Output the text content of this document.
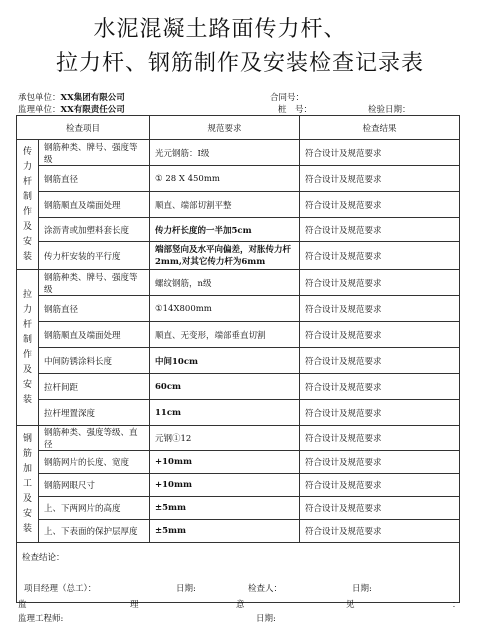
水泥混凝土路面传力杆、
拉力杆、钢筋制作及安装检查记录表
承包单位：XX集团有限公司	合同号：
监理单位：XX有限责任公司	桩　号：	检验日期：
检查项目		规范要求	检查结果
传力杆制作及安装	钢筋种类、牌号、强度等级	光元钢筋：I级	符合设计及规范要求
	钢筋直径	① 28 X 450mm	符合设计及规范要求
	钢筋顺直及端面处理	顺直、端部切割平整	符合设计及规范要求
	涂沥青或加塑料套长度	传力杆长度的一半加5cm	符合设计及规范要求
	传力杆安装的平行度	端部竖向及水平向偏差，对胀传力杆2mm,对其它传力杆为6mm	符合设计及规范要求
拉力杆制作及安装	钢筋种类、牌号、强度等级	螺纹钢筋，n级	符合设计及规范要求
	钢筋直径	①14X800mm	符合设计及规范要求
	钢筋顺直及端面处理	顺直、无变形，端部垂直切割	符合设计及规范要求
	中间防锈涂料长度	中间10cm	符合设计及规范要求
	拉杆间距	60cm	符合设计及规范要求
	拉杆埋置深度	11cm	符合设计及规范要求
钢筋加工及安装	钢筋种类、强度等级、直径	元钢①12	符合设计及规范要求
	钢筋网片的长度、宽度	+10mm	符合设计及规范要求
	钢筋网眼尺寸	+10mm	符合设计及规范要求
	上、下两网片的高度	±5mm	符合设计及规范要求
	上、下表面的保护层厚度	±5mm	符合设计及规范要求
检查结论：			
项目经理（总工）：	日期:	检查人：	日期:
监	理	意	见	：
监理工程师:	日期:
